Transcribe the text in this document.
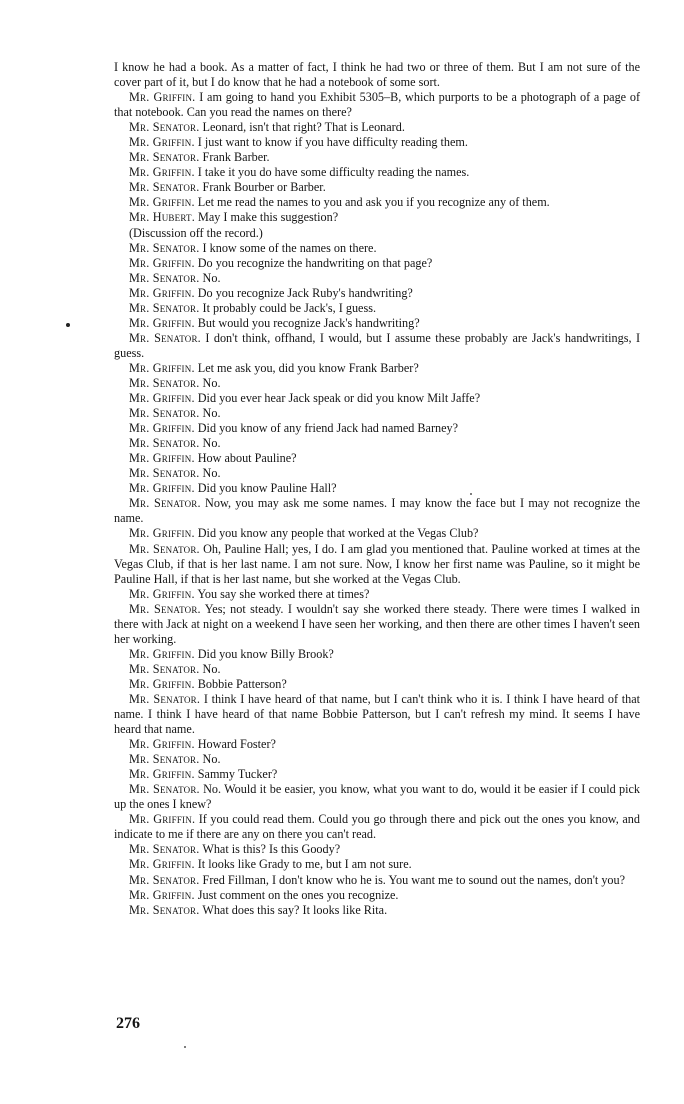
I know he had a book. As a matter of fact, I think he had two or three of them. But I am not sure of the cover part of it, but I do know that he had a notebook of some sort.

Mr. Griffin. I am going to hand you Exhibit 5305–B, which purports to be a photograph of a page of that notebook. Can you read the names on there?

Mr. Senator. Leonard, isn't that right? That is Leonard.

Mr. Griffin. I just want to know if you have difficulty reading them.

Mr. Senator. Frank Barber.

Mr. Griffin. I take it you do have some difficulty reading the names.

Mr. Senator. Frank Bourber or Barber.

Mr. Griffin. Let me read the names to you and ask you if you recognize any of them.

Mr. Hubert. May I make this suggestion?

(Discussion off the record.)

Mr. Senator. I know some of the names on there.

Mr. Griffin. Do you recognize the handwriting on that page?

Mr. Senator. No.

Mr. Griffin. Do you recognize Jack Ruby's handwriting?

Mr. Senator. It probably could be Jack's, I guess.

Mr. Griffin. But would you recognize Jack's handwriting?

Mr. Senator. I don't think, offhand, I would, but I assume these probably are Jack's handwritings, I guess.

Mr. Griffin. Let me ask you, did you know Frank Barber?

Mr. Senator. No.

Mr. Griffin. Did you ever hear Jack speak or did you know Milt Jaffe?

Mr. Senator. No.

Mr. Griffin. Did you know of any friend Jack had named Barney?

Mr. Senator. No.

Mr. Griffin. How about Pauline?

Mr. Senator. No.

Mr. Griffin. Did you know Pauline Hall?

Mr. Senator. Now, you may ask me some names. I may know the face but I may not recognize the name.

Mr. Griffin. Did you know any people that worked at the Vegas Club?

Mr. Senator. Oh, Pauline Hall; yes, I do. I am glad you mentioned that. Pauline worked at times at the Vegas Club, if that is her last name. I am not sure. Now, I know her first name was Pauline, so it might be Pauline Hall, if that is her last name, but she worked at the Vegas Club.

Mr. Griffin. You say she worked there at times?

Mr. Senator. Yes; not steady. I wouldn't say she worked there steady. There were times I walked in there with Jack at night on a weekend I have seen her working, and then there are other times I haven't seen her working.

Mr. Griffin. Did you know Billy Brook?

Mr. Senator. No.

Mr. Griffin. Bobbie Patterson?

Mr. Senator. I think I have heard of that name, but I can't think who it is. I think I have heard of that name. I think I have heard of that name Bobbie Patterson, but I can't refresh my mind. It seems I have heard that name.

Mr. Griffin. Howard Foster?

Mr. Senator. No.

Mr. Griffin. Sammy Tucker?

Mr. Senator. No. Would it be easier, you know, what you want to do, would it be easier if I could pick up the ones I knew?

Mr. Griffin. If you could read them. Could you go through there and pick out the ones you know, and indicate to me if there are any on there you can't read.

Mr. Senator. What is this? Is this Goody?

Mr. Griffin. It looks like Grady to me, but I am not sure.

Mr. Senator. Fred Fillman, I don't know who he is. You want me to sound out the names, don't you?

Mr. Griffin. Just comment on the ones you recognize.

Mr. Senator. What does this say? It looks like Rita.

276
